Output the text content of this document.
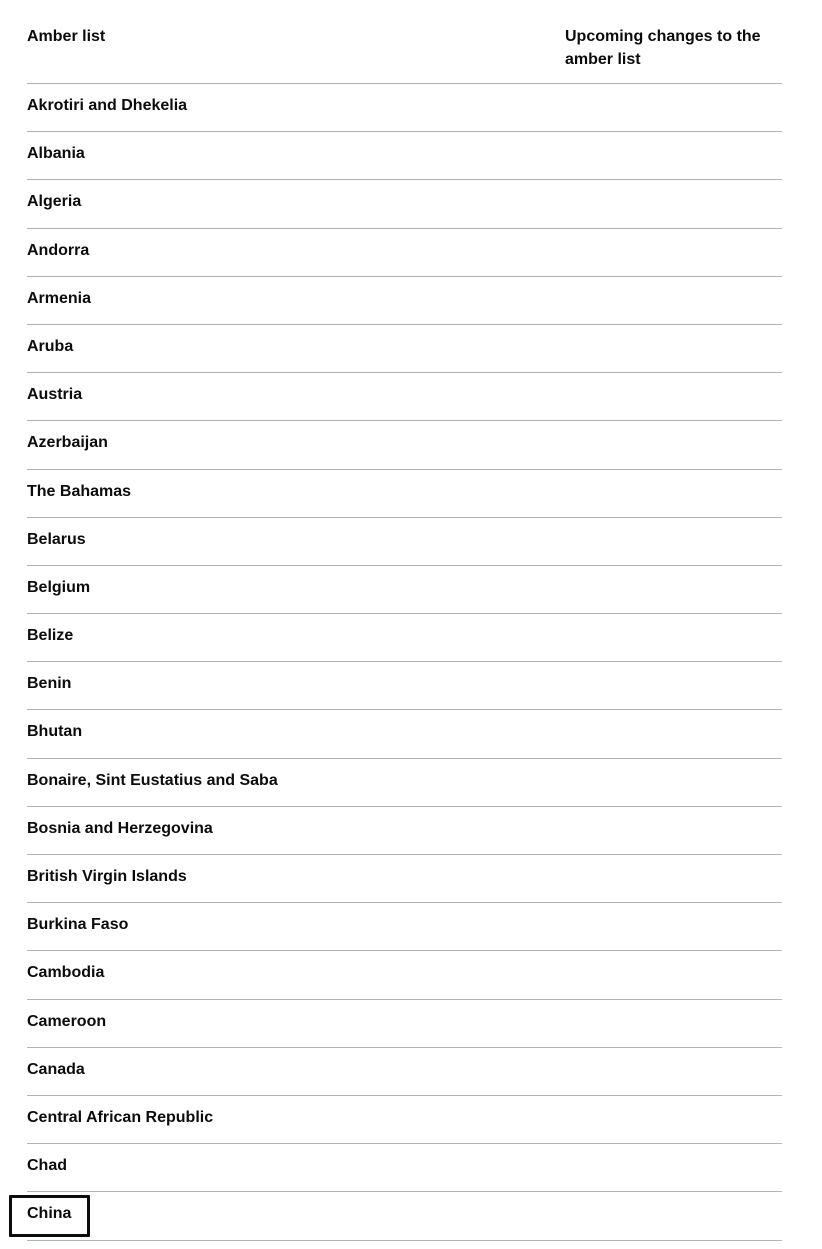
Amber list	Upcoming changes to the amber list
Akrotiri and Dhekelia
Albania
Algeria
Andorra
Armenia
Aruba
Austria
Azerbaijan
The Bahamas
Belarus
Belgium
Belize
Benin
Bhutan
Bonaire, Sint Eustatius and Saba
Bosnia and Herzegovina
British Virgin Islands
Burkina Faso
Cambodia
Cameroon
Canada
Central African Republic
Chad
China
